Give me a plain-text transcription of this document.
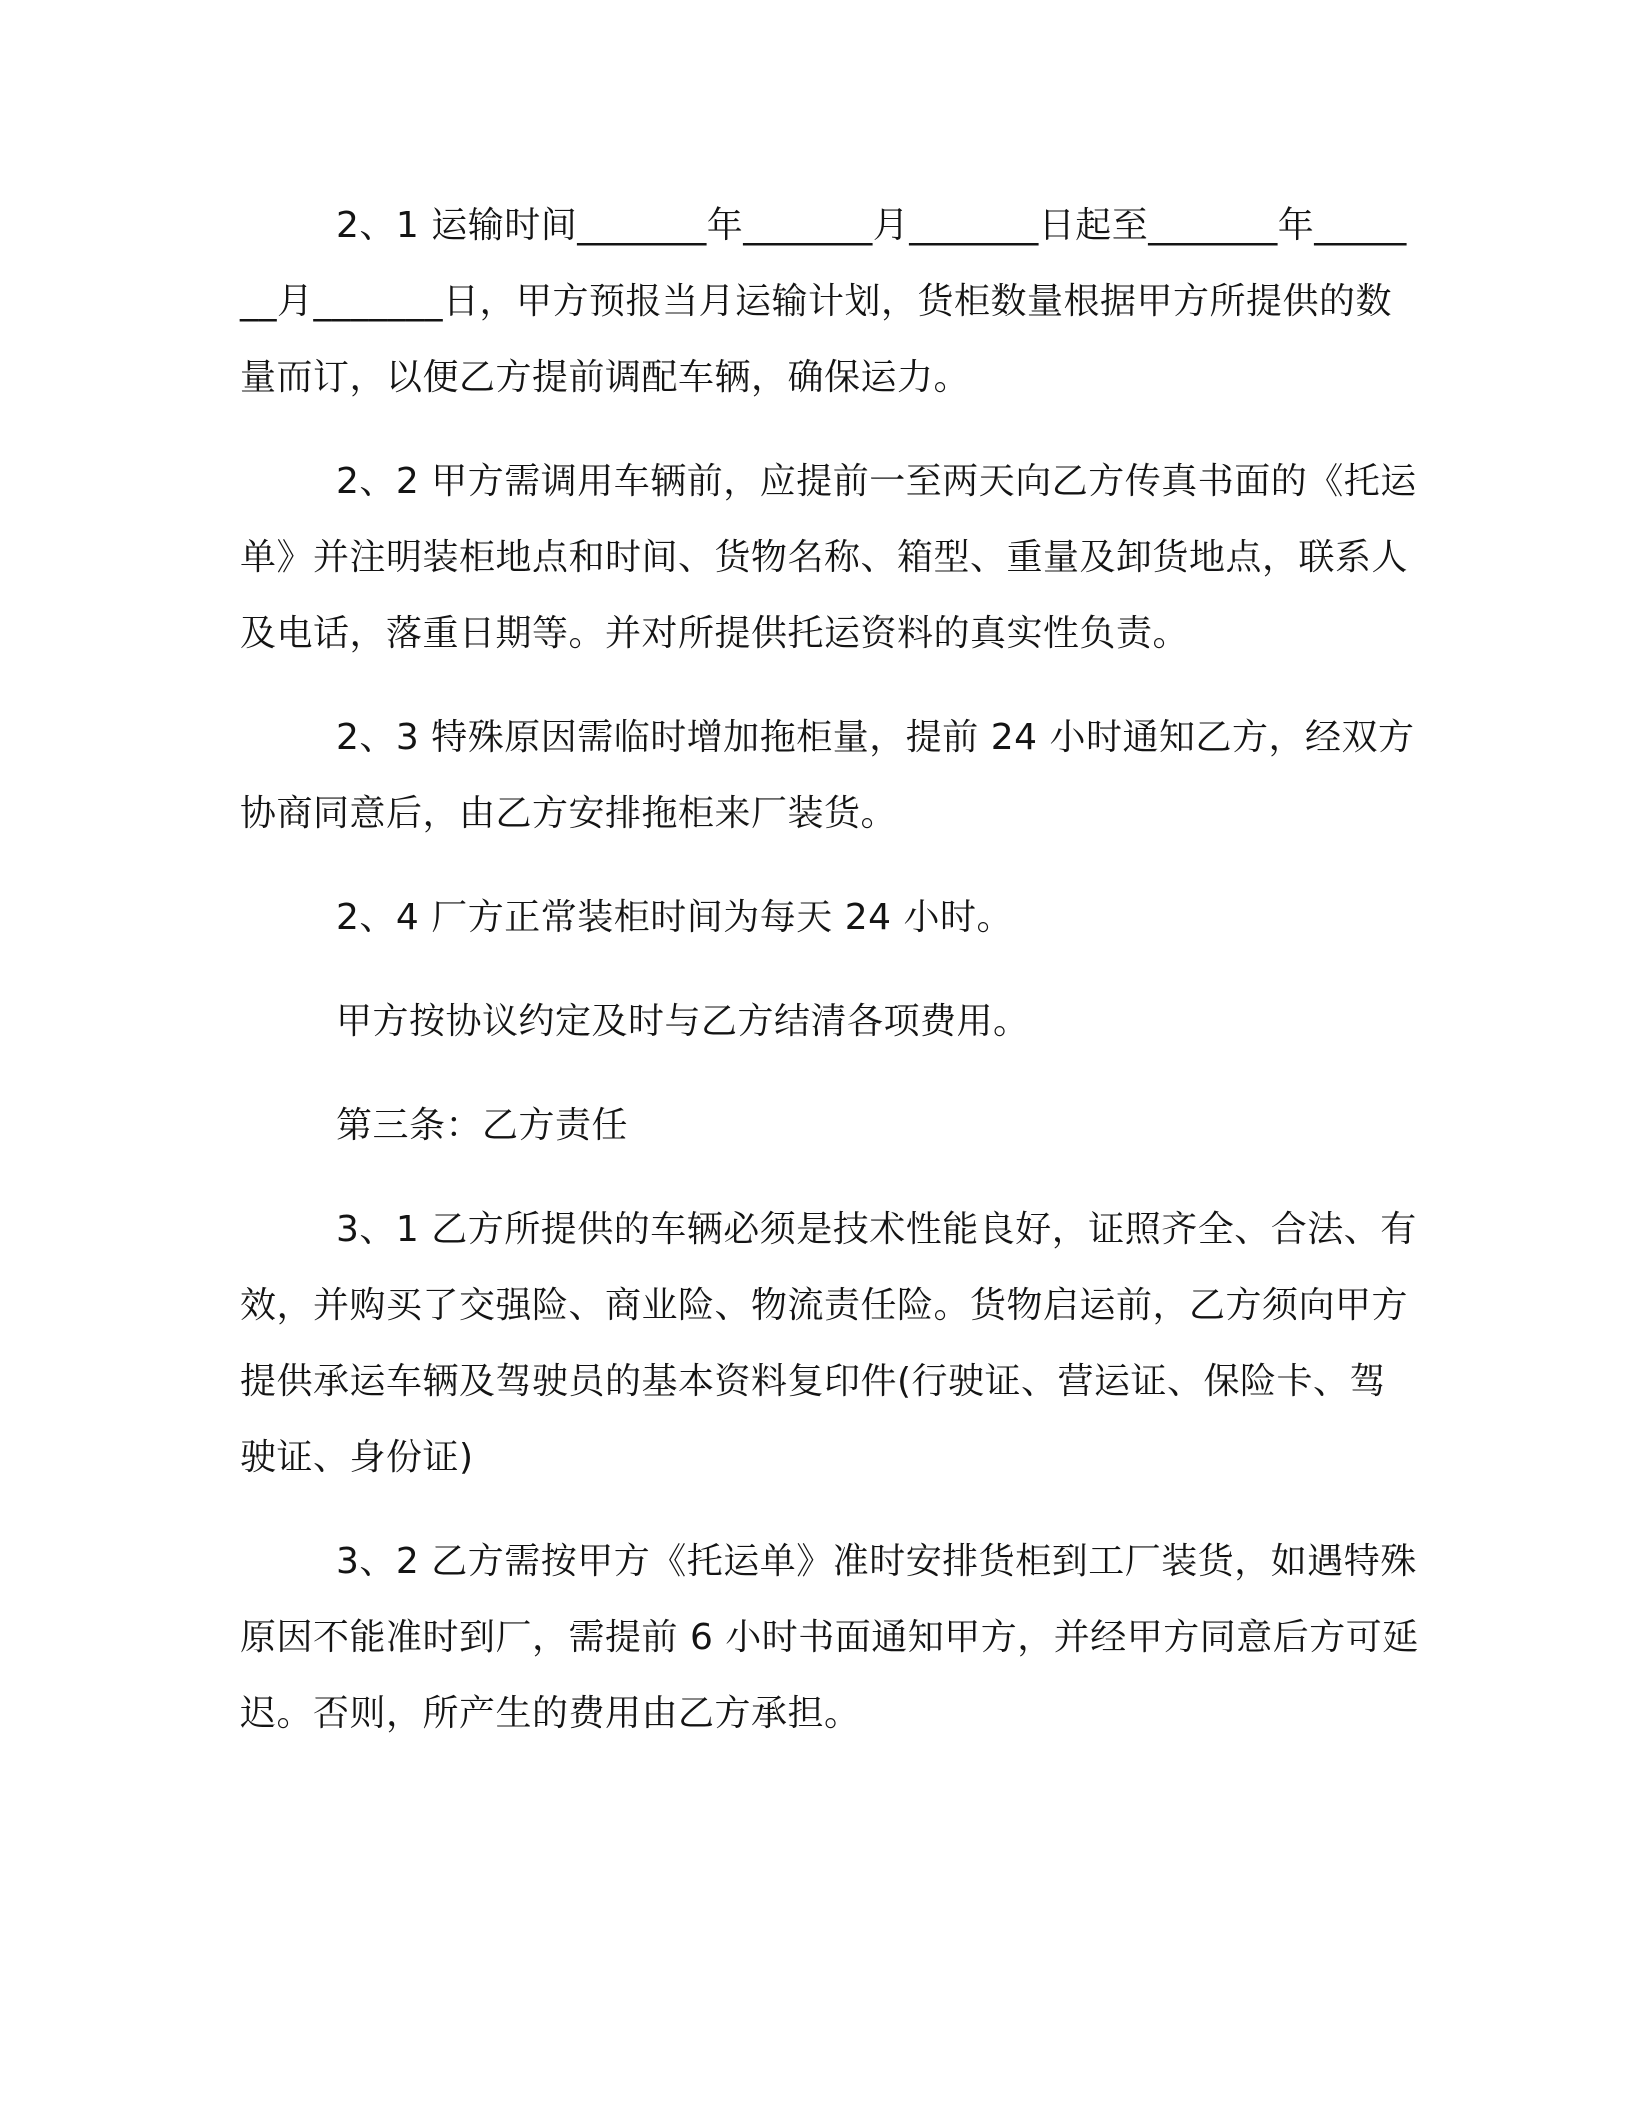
2、1 运输时间_______年_______月_______日起至_______年_______月_______日，甲方预报当月运输计划，货柜数量根据甲方所提供的数量而订，以便乙方提前调配车辆，确保运力。

2、2 甲方需调用车辆前，应提前一至两天向乙方传真书面的《托运单》并注明装柜地点和时间、货物名称、箱型、重量及卸货地点，联系人及电话，落重日期等。并对所提供托运资料的真实性负责。

2、3 特殊原因需临时增加拖柜量，提前 24 小时通知乙方，经双方协商同意后，由乙方安排拖柜来厂装货。

2、4 厂方正常装柜时间为每天 24 小时。

甲方按协议约定及时与乙方结清各项费用。

第三条：乙方责任

3、1 乙方所提供的车辆必须是技术性能良好，证照齐全、合法、有效，并购买了交强险、商业险、物流责任险。货物启运前，乙方须向甲方提供承运车辆及驾驶员的基本资料复印件(行驶证、营运证、保险卡、驾驶证、身份证)

3、2 乙方需按甲方《托运单》准时安排货柜到工厂装货，如遇特殊原因不能准时到厂，需提前 6 小时书面通知甲方，并经甲方同意后方可延迟。否则，所产生的费用由乙方承担。
